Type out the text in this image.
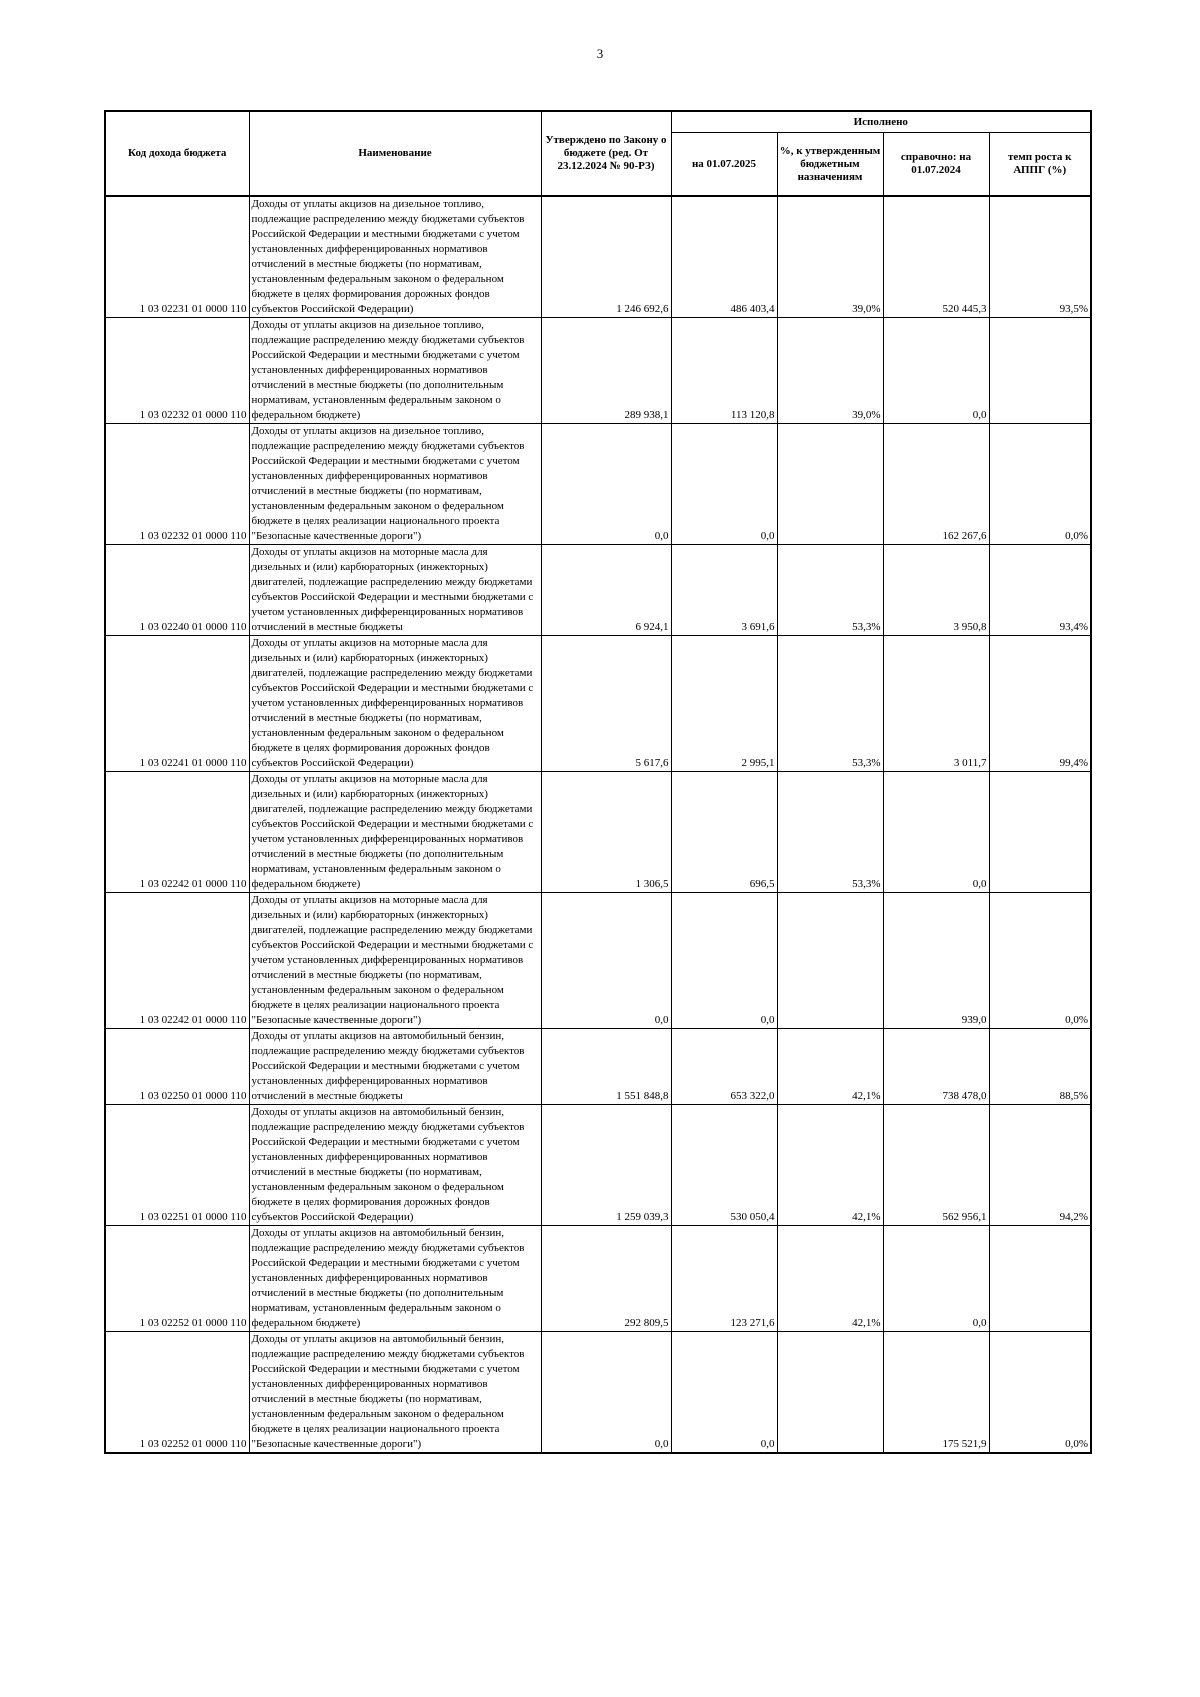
3
Код дохода бюджета	Наименование	Утверждено по Закону о бюджете (ред. От 23.12.2024 № 90-РЗ)	Исполнено			
			на 01.07.2025	%, к утвержденным бюджетным назначениям	справочно: на 01.07.2024	темп роста к АППГ (%)
1 03 02231 01 0000 110	Доходы от уплаты акцизов на дизельное топливо, подлежащие распределению между бюджетами субъектов Российской Федерации и местными бюджетами с учетом установленных дифференцированных нормативов отчислений в местные бюджеты (по нормативам, установленным федеральным законом о федеральном бюджете в целях формирования дорожных фондов субъектов Российской Федерации)	1 246 692,6	486 403,4	39,0%	520 445,3	93,5%
1 03 02232 01 0000 110	Доходы от уплаты акцизов на дизельное топливо, подлежащие распределению между бюджетами субъектов Российской Федерации и местными бюджетами с учетом установленных дифференцированных нормативов отчислений в местные бюджеты (по дополнительным нормативам, установленным федеральным законом о федеральном бюджете)	289 938,1	113 120,8	39,0%	0,0	
1 03 02232 01 0000 110	Доходы от уплаты акцизов на дизельное топливо, подлежащие распределению между бюджетами субъектов Российской Федерации и местными бюджетами с учетом установленных дифференцированных нормативов отчислений в местные бюджеты (по нормативам, установленным федеральным законом о федеральном бюджете в целях реализации национального проекта "Безопасные качественные дороги")	0,0	0,0		162 267,6	0,0%
1 03 02240 01 0000 110	Доходы от уплаты акцизов на моторные масла для дизельных и (или) карбюраторных (инжекторных) двигателей, подлежащие распределению между бюджетами субъектов Российской Федерации и местными бюджетами с учетом установленных дифференцированных нормативов отчислений в местные бюджеты	6 924,1	3 691,6	53,3%	3 950,8	93,4%
1 03 02241 01 0000 110	Доходы от уплаты акцизов на моторные масла для дизельных и (или) карбюраторных (инжекторных) двигателей, подлежащие распределению между бюджетами субъектов Российской Федерации и местными бюджетами с учетом установленных дифференцированных нормативов отчислений в местные бюджеты (по нормативам, установленным федеральным законом о федеральном бюджете в целях формирования дорожных фондов субъектов Российской Федерации)	5 617,6	2 995,1	53,3%	3 011,7	99,4%
1 03 02242 01 0000 110	Доходы от уплаты акцизов на моторные масла для дизельных и (или) карбюраторных (инжекторных) двигателей, подлежащие распределению между бюджетами субъектов Российской Федерации и местными бюджетами с учетом установленных дифференцированных нормативов отчислений в местные бюджеты (по дополнительным нормативам, установленным федеральным законом о федеральном бюджете)	1 306,5	696,5	53,3%	0,0	
1 03 02242 01 0000 110	Доходы от уплаты акцизов на моторные масла для дизельных и (или) карбюраторных (инжекторных) двигателей, подлежащие распределению между бюджетами субъектов Российской Федерации и местными бюджетами с учетом установленных дифференцированных нормативов отчислений в местные бюджеты (по нормативам, установленным федеральным законом о федеральном бюджете в целях реализации национального проекта "Безопасные качественные дороги")	0,0	0,0		939,0	0,0%
1 03 02250 01 0000 110	Доходы от уплаты акцизов на автомобильный бензин, подлежащие распределению между бюджетами субъектов Российской Федерации и местными бюджетами с учетом установленных дифференцированных нормативов отчислений в местные бюджеты	1 551 848,8	653 322,0	42,1%	738 478,0	88,5%
1 03 02251 01 0000 110	Доходы от уплаты акцизов на автомобильный бензин, подлежащие распределению между бюджетами субъектов Российской Федерации и местными бюджетами с учетом установленных дифференцированных нормативов отчислений в местные бюджеты (по нормативам, установленным федеральным законом о федеральном бюджете в целях формирования дорожных фондов субъектов Российской Федерации)	1 259 039,3	530 050,4	42,1%	562 956,1	94,2%
1 03 02252 01 0000 110	Доходы от уплаты акцизов на автомобильный бензин, подлежащие распределению между бюджетами субъектов Российской Федерации и местными бюджетами с учетом установленных дифференцированных нормативов отчислений в местные бюджеты (по дополнительным нормативам, установленным федеральным законом о федеральном бюджете)	292 809,5	123 271,6	42,1%	0,0	
1 03 02252 01 0000 110	Доходы от уплаты акцизов на автомобильный бензин, подлежащие распределению между бюджетами субъектов Российской Федерации и местными бюджетами с учетом установленных дифференцированных нормативов отчислений в местные бюджеты (по нормативам, установленным федеральным законом о федеральном бюджете в целях реализации национального проекта "Безопасные качественные дороги")	0,0	0,0		175 521,9	0,0%
